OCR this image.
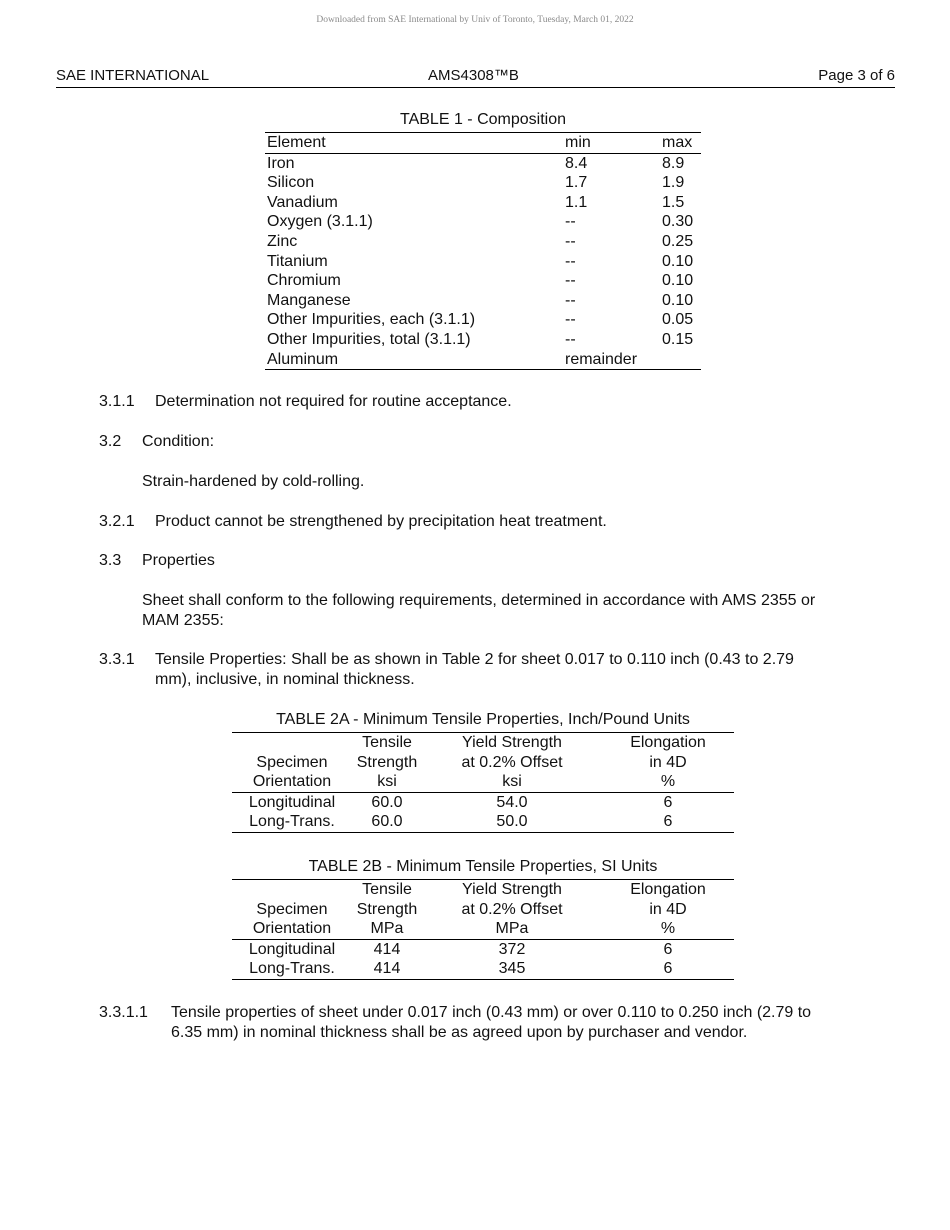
Downloaded from SAE International by Univ of Toronto, Tuesday, March 01, 2022
SAE INTERNATIONAL	AMS4308™B	Page 3 of 6
TABLE 1 - Composition
Element	min	max
Iron	8.4	8.9
Silicon	1.7	1.9
Vanadium	1.1	1.5
Oxygen (3.1.1)	--	0.30
Zinc	--	0.25
Titanium	--	0.10
Chromium	--	0.10
Manganese	--	0.10
Other Impurities, each (3.1.1)	--	0.05
Other Impurities, total (3.1.1)	--	0.15
Aluminum	remainder	
3.1.1 Determination not required for routine acceptance.
3.2 Condition:
Strain-hardened by cold-rolling.
3.2.1 Product cannot be strengthened by precipitation heat treatment.
3.3 Properties
Sheet shall conform to the following requirements, determined in accordance with AMS 2355 or
MAM 2355:
3.3.1 Tensile Properties: Shall be as shown in Table 2 for sheet 0.017 to 0.110 inch (0.43 to 2.79
mm), inclusive, in nominal thickness.
TABLE 2A - Minimum Tensile Properties, Inch/Pound Units
	Tensile	Yield Strength	Elongation
Specimen	Strength	at 0.2% Offset	in 4D
Orientation	ksi	ksi	%
Longitudinal	60.0	54.0	6
Long-Trans.	60.0	50.0	6
TABLE 2B - Minimum Tensile Properties, SI Units
	Tensile	Yield Strength	Elongation
Specimen	Strength	at 0.2% Offset	in 4D
Orientation	MPa	MPa	%
Longitudinal	414	372	6
Long-Trans.	414	345	6
3.3.1.1 Tensile properties of sheet under 0.017 inch (0.43 mm) or over 0.110 to 0.250 inch (2.79 to
6.35 mm) in nominal thickness shall be as agreed upon by purchaser and vendor.
